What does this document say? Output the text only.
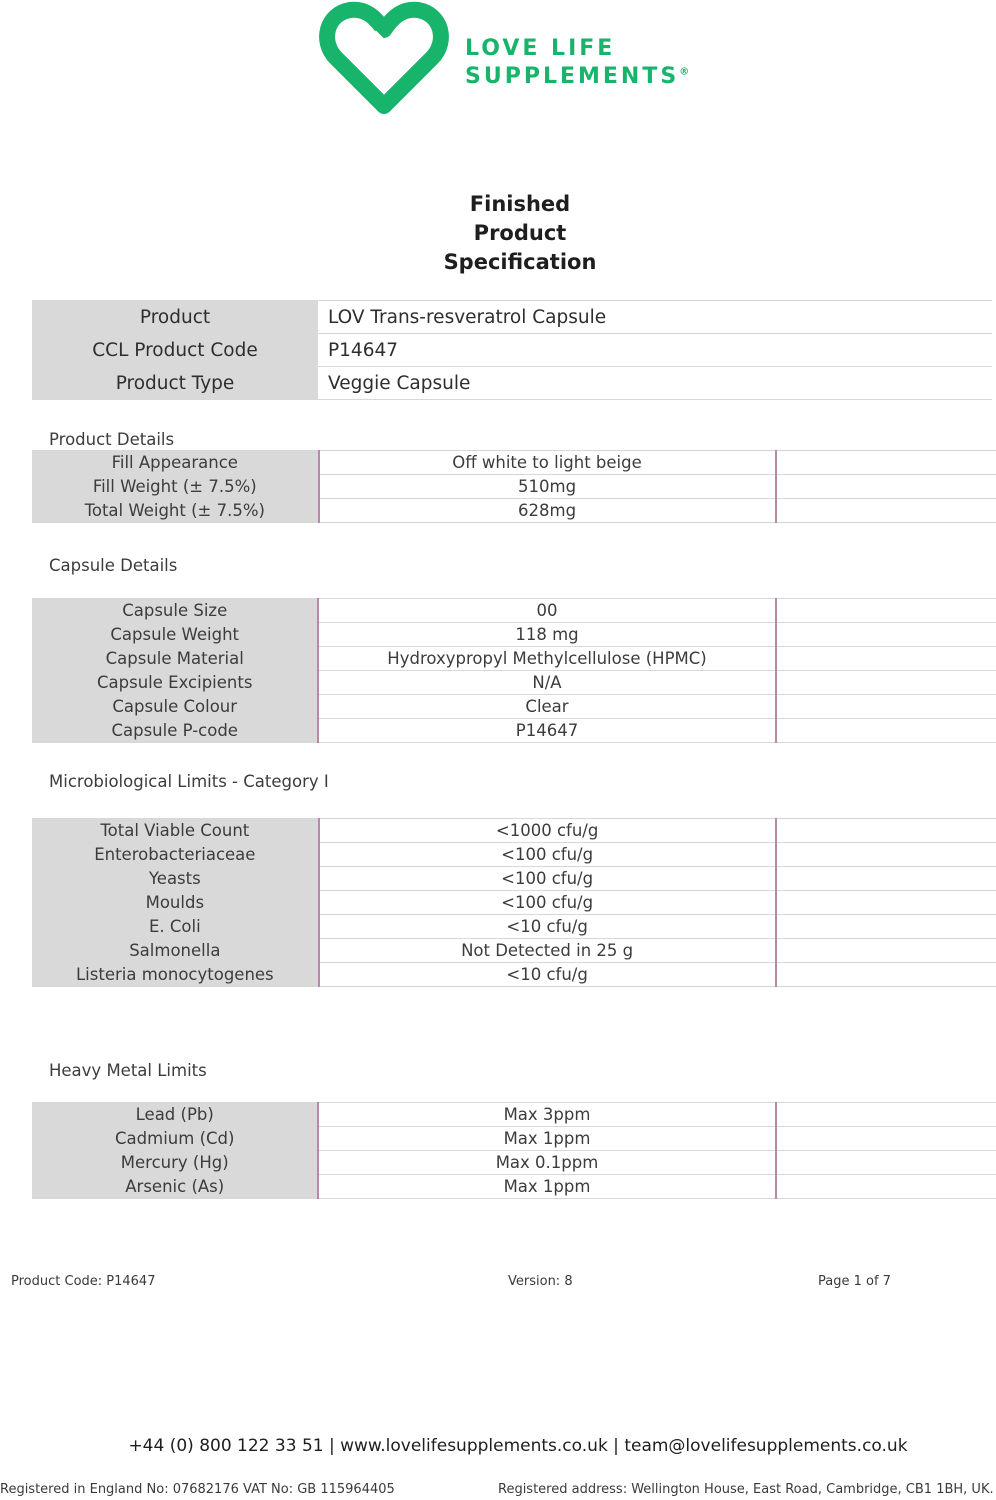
LOVE LIFE
SUPPLEMENTS®
Finished
Product
Specification
Product	LOV Trans-resveratrol Capsule
CCL Product Code	P14647
Product Type	Veggie Capsule
Product Details
Fill Appearance	Off white to light beige	
Fill Weight (± 7.5%)	510mg	
Total Weight (± 7.5%)	628mg	
Capsule Details
Capsule Size	00	
Capsule Weight	118 mg	
Capsule Material	Hydroxypropyl Methylcellulose (HPMC)	
Capsule Excipients	N/A	
Capsule Colour	Clear	
Capsule P-code	P14647	
Microbiological Limits - Category I
Total Viable Count	<1000 cfu/g	
Enterobacteriaceae	<100 cfu/g	
Yeasts	<100 cfu/g	
Moulds	<100 cfu/g	
E. Coli	<10 cfu/g	
Salmonella	Not Detected in 25 g	
Listeria monocytogenes	<10 cfu/g	
Heavy Metal Limits
Lead (Pb)	Max 3ppm	
Cadmium (Cd)	Max 1ppm	
Mercury (Hg)	Max 0.1ppm	
Arsenic (As)	Max 1ppm	
Product Code: P14647	Version: 8	Page 1 of 7
+44 (0) 800 122 33 51 | www.lovelifesupplements.co.uk | team@lovelifesupplements.co.uk
Registered in England No: 07682176 VAT No: GB 115964405	Registered address: Wellington House, East Road, Cambridge, CB1 1BH, UK.
